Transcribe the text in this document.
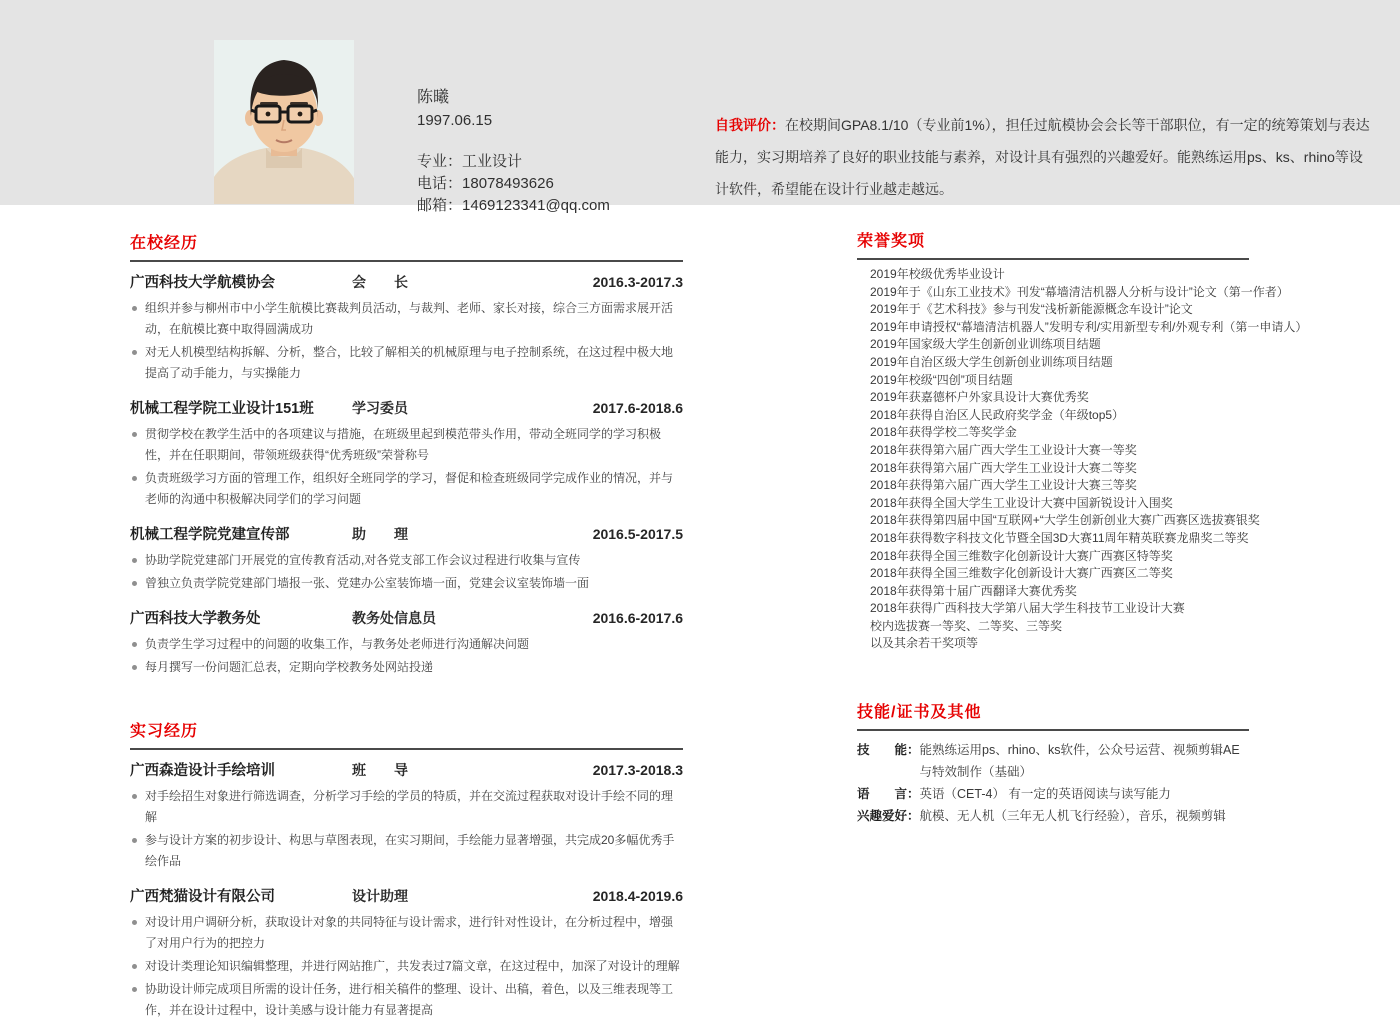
陈曦
1997.06.15
专业：工业设计
电话：18078493626
邮箱：1469123341@qq.com
自我评价：在校期间GPA8.1/10（专业前1%），担任过航模协会会长等干部职位，有一定的统筹策划与表达能力，实习期培养了良好的职业技能与素养，对设计具有强烈的兴趣爱好。能熟练运用ps、ks、rhino等设计软件，希望能在设计行业越走越远。
在校经历
广西科技大学航模协会	会　　长	2016.3-2017.3
组织并参与柳州市中小学生航模比赛裁判员活动，与裁判、老师、家长对接，综合三方面需求展开活动，在航模比赛中取得圆满成功
对无人机模型结构拆解、分析，整合，比较了解相关的机械原理与电子控制系统，在这过程中极大地提高了动手能力，与实操能力
机械工程学院工业设计151班	学习委员	2017.6-2018.6
贯彻学校在教学生活中的各项建议与措施，在班级里起到模范带头作用，带动全班同学的学习积极性，并在任职期间，带领班级获得“优秀班级”荣誉称号
负责班级学习方面的管理工作，组织好全班同学的学习，督促和检查班级同学完成作业的情况，并与老师的沟通中积极解决同学们的学习问题
机械工程学院党建宣传部	助　　理	2016.5-2017.5
协助学院党建部门开展党的宣传教育活动,对各党支部工作会议过程进行收集与宣传
曾独立负责学院党建部门墙报一张、党建办公室装饰墙一面，党建会议室装饰墙一面
广西科技大学教务处	教务处信息员	2016.6-2017.6
负责学生学习过程中的问题的收集工作，与教务处老师进行沟通解决问题
每月撰写一份问题汇总表，定期向学校教务处网站投递
实习经历
广西森造设计手绘培训	班　　导	2017.3-2018.3
对手绘招生对象进行筛选调查，分析学习手绘的学员的特质，并在交流过程获取对设计手绘不同的理解
参与设计方案的初步设计、构思与草图表现，在实习期间，手绘能力显著增强，共完成20多幅优秀手绘作品
广西梵猫设计有限公司	设计助理	2018.4-2019.6
对设计用户调研分析，获取设计对象的共同特征与设计需求，进行针对性设计，在分析过程中，增强了对用户行为的把控力
对设计类理论知识编辑整理，并进行网站推广，共发表过7篇文章，在这过程中，加深了对设计的理解
协助设计师完成项目所需的设计任务，进行相关稿件的整理、设计、出稿，着色，以及三维表现等工作，并在设计过程中，设计美感与设计能力有显著提高
荣誉奖项
2019年校级优秀毕业设计
2019年于《山东工业技术》刊发“幕墙清洁机器人分析与设计”论文（第一作者）
2019年于《艺术科技》参与刊发“浅析新能源概念车设计”论文
2019年申请授权“幕墙清洁机器人”发明专利/实用新型专利/外观专利（第一申请人）
2019年国家级大学生创新创业训练项目结题
2019年自治区级大学生创新创业训练项目结题
2019年校级“四创”项目结题
2019年获嘉德杯户外家具设计大赛优秀奖
2018年获得自治区人民政府奖学金（年级top5）
2018年获得学校二等奖学金
2018年获得第六届广西大学生工业设计大赛一等奖
2018年获得第六届广西大学生工业设计大赛二等奖
2018年获得第六届广西大学生工业设计大赛三等奖
2018年获得全国大学生工业设计大赛中国新锐设计入围奖
2018年获得第四届中国“互联网+“大学生创新创业大赛广西赛区选拔赛银奖
2018年获得数字科技文化节暨全国3D大赛11周年精英联赛龙鼎奖二等奖
2018年获得全国三维数字化创新设计大赛广西赛区特等奖
2018年获得全国三维数字化创新设计大赛广西赛区二等奖
2018年获得第十届广西翻译大赛优秀奖
2018年获得广西科技大学第八届大学生科技节工业设计大赛
校内选拔赛一等奖、二等奖、三等奖
以及其余若干奖项等
技能/证书及其他
技　　能： 能熟练运用ps、rhino、ks软件，公众号运营、视频剪辑AE
与特效制作（基础）
语　　言： 英语（CET-4） 有一定的英语阅读与读写能力
兴趣爱好： 航模、无人机（三年无人机飞行经验），音乐，视频剪辑
